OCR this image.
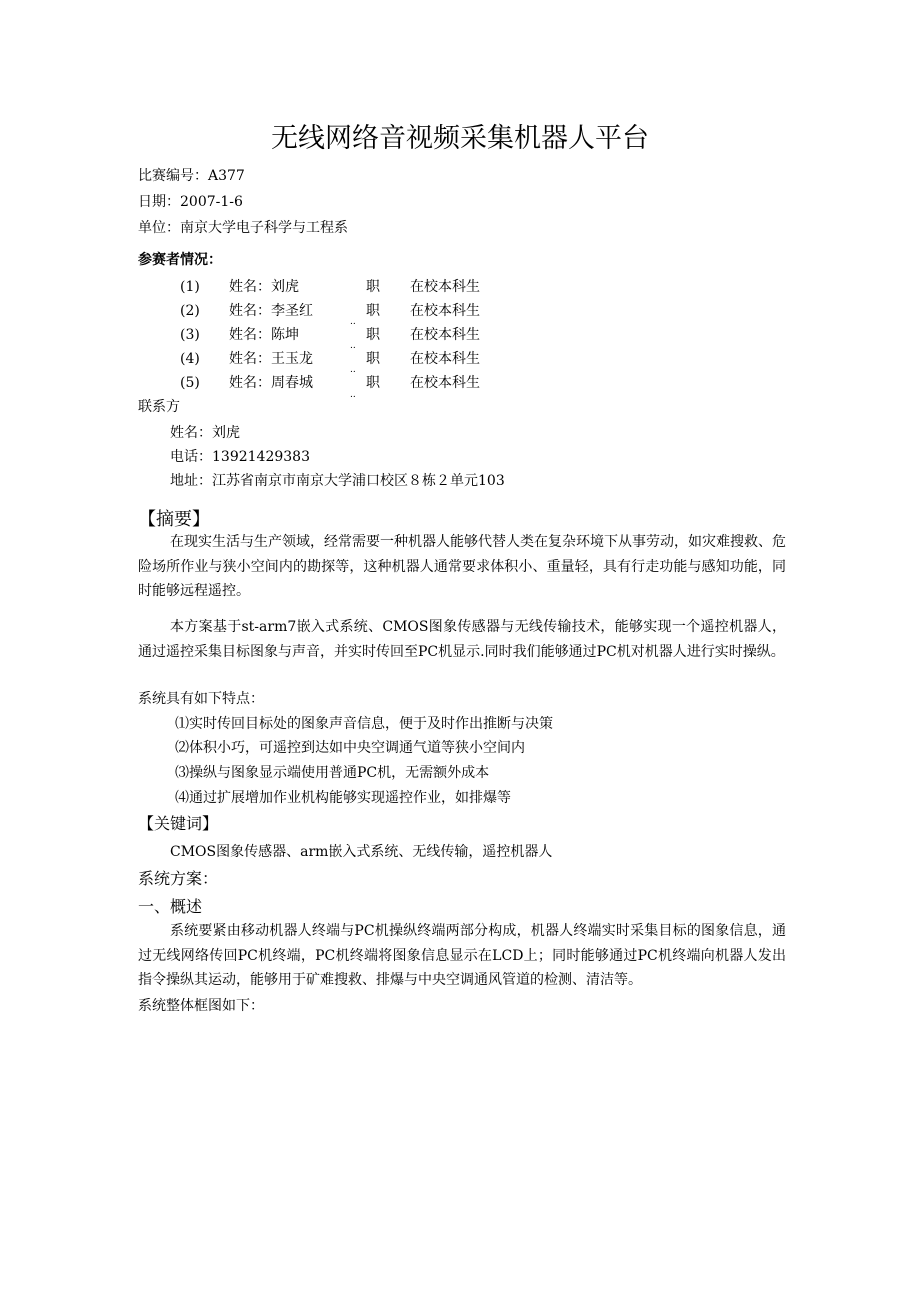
无线网络音视频采集机器人平台
比赛编号：A377
日期：2007-1-6
单位：南京大学电子科学与工程系
参赛者情况：
(1) 姓名：刘虎	职 在校本科生
(2) 姓名：李圣红	职 在校本科生
(3) 姓名：陈坤	职 在校本科生
(4) 姓名：王玉龙	职 在校本科生
(5) 姓名：周春城	职 在校本科生
..
..
..
..
联系方
姓名：刘虎
电话：13921429383
地址：江苏省南京市南京大学浦口校区８栋２单元103
【摘要】

在现实生活与生产领域，经常需要一种机器人能够代替人类在复杂环境下从事劳动，如灾难搜救、危险场所作业与狭小空间内的勘探等，这种机器人通常要求体积小、重量轻，具有行走功能与感知功能，同时能够远程遥控。

本方案基于st-arm7嵌入式系统、CMOS图象传感器与无线传输技术，能够实现一个遥控机器人，通过遥控采集目标图象与声音，并实时传回至PC机显示.同时我们能够通过PC机对机器人进行实时操纵。

系统具有如下特点：
⑴实时传回目标处的图象声音信息，便于及时作出推断与决策
⑵体积小巧，可遥控到达如中央空调通气道等狭小空间内
⑶操纵与图象显示端使用普通PC机，无需额外成本
⑷通过扩展增加作业机构能够实现遥控作业，如排爆等
【关键词】
CMOS图象传感器、arm嵌入式系统、无线传输，遥控机器人
系统方案：
一、概述

系统要紧由移动机器人终端与PC机操纵终端两部分构成，机器人终端实时采集目标的图象信息，通过无线网络传回PC机终端，PC机终端将图象信息显示在LCD上；同时能够通过PC机终端向机器人发出指令操纵其运动，能够用于矿难搜救、排爆与中央空调通风管道的检测、清洁等。

系统整体框图如下：
